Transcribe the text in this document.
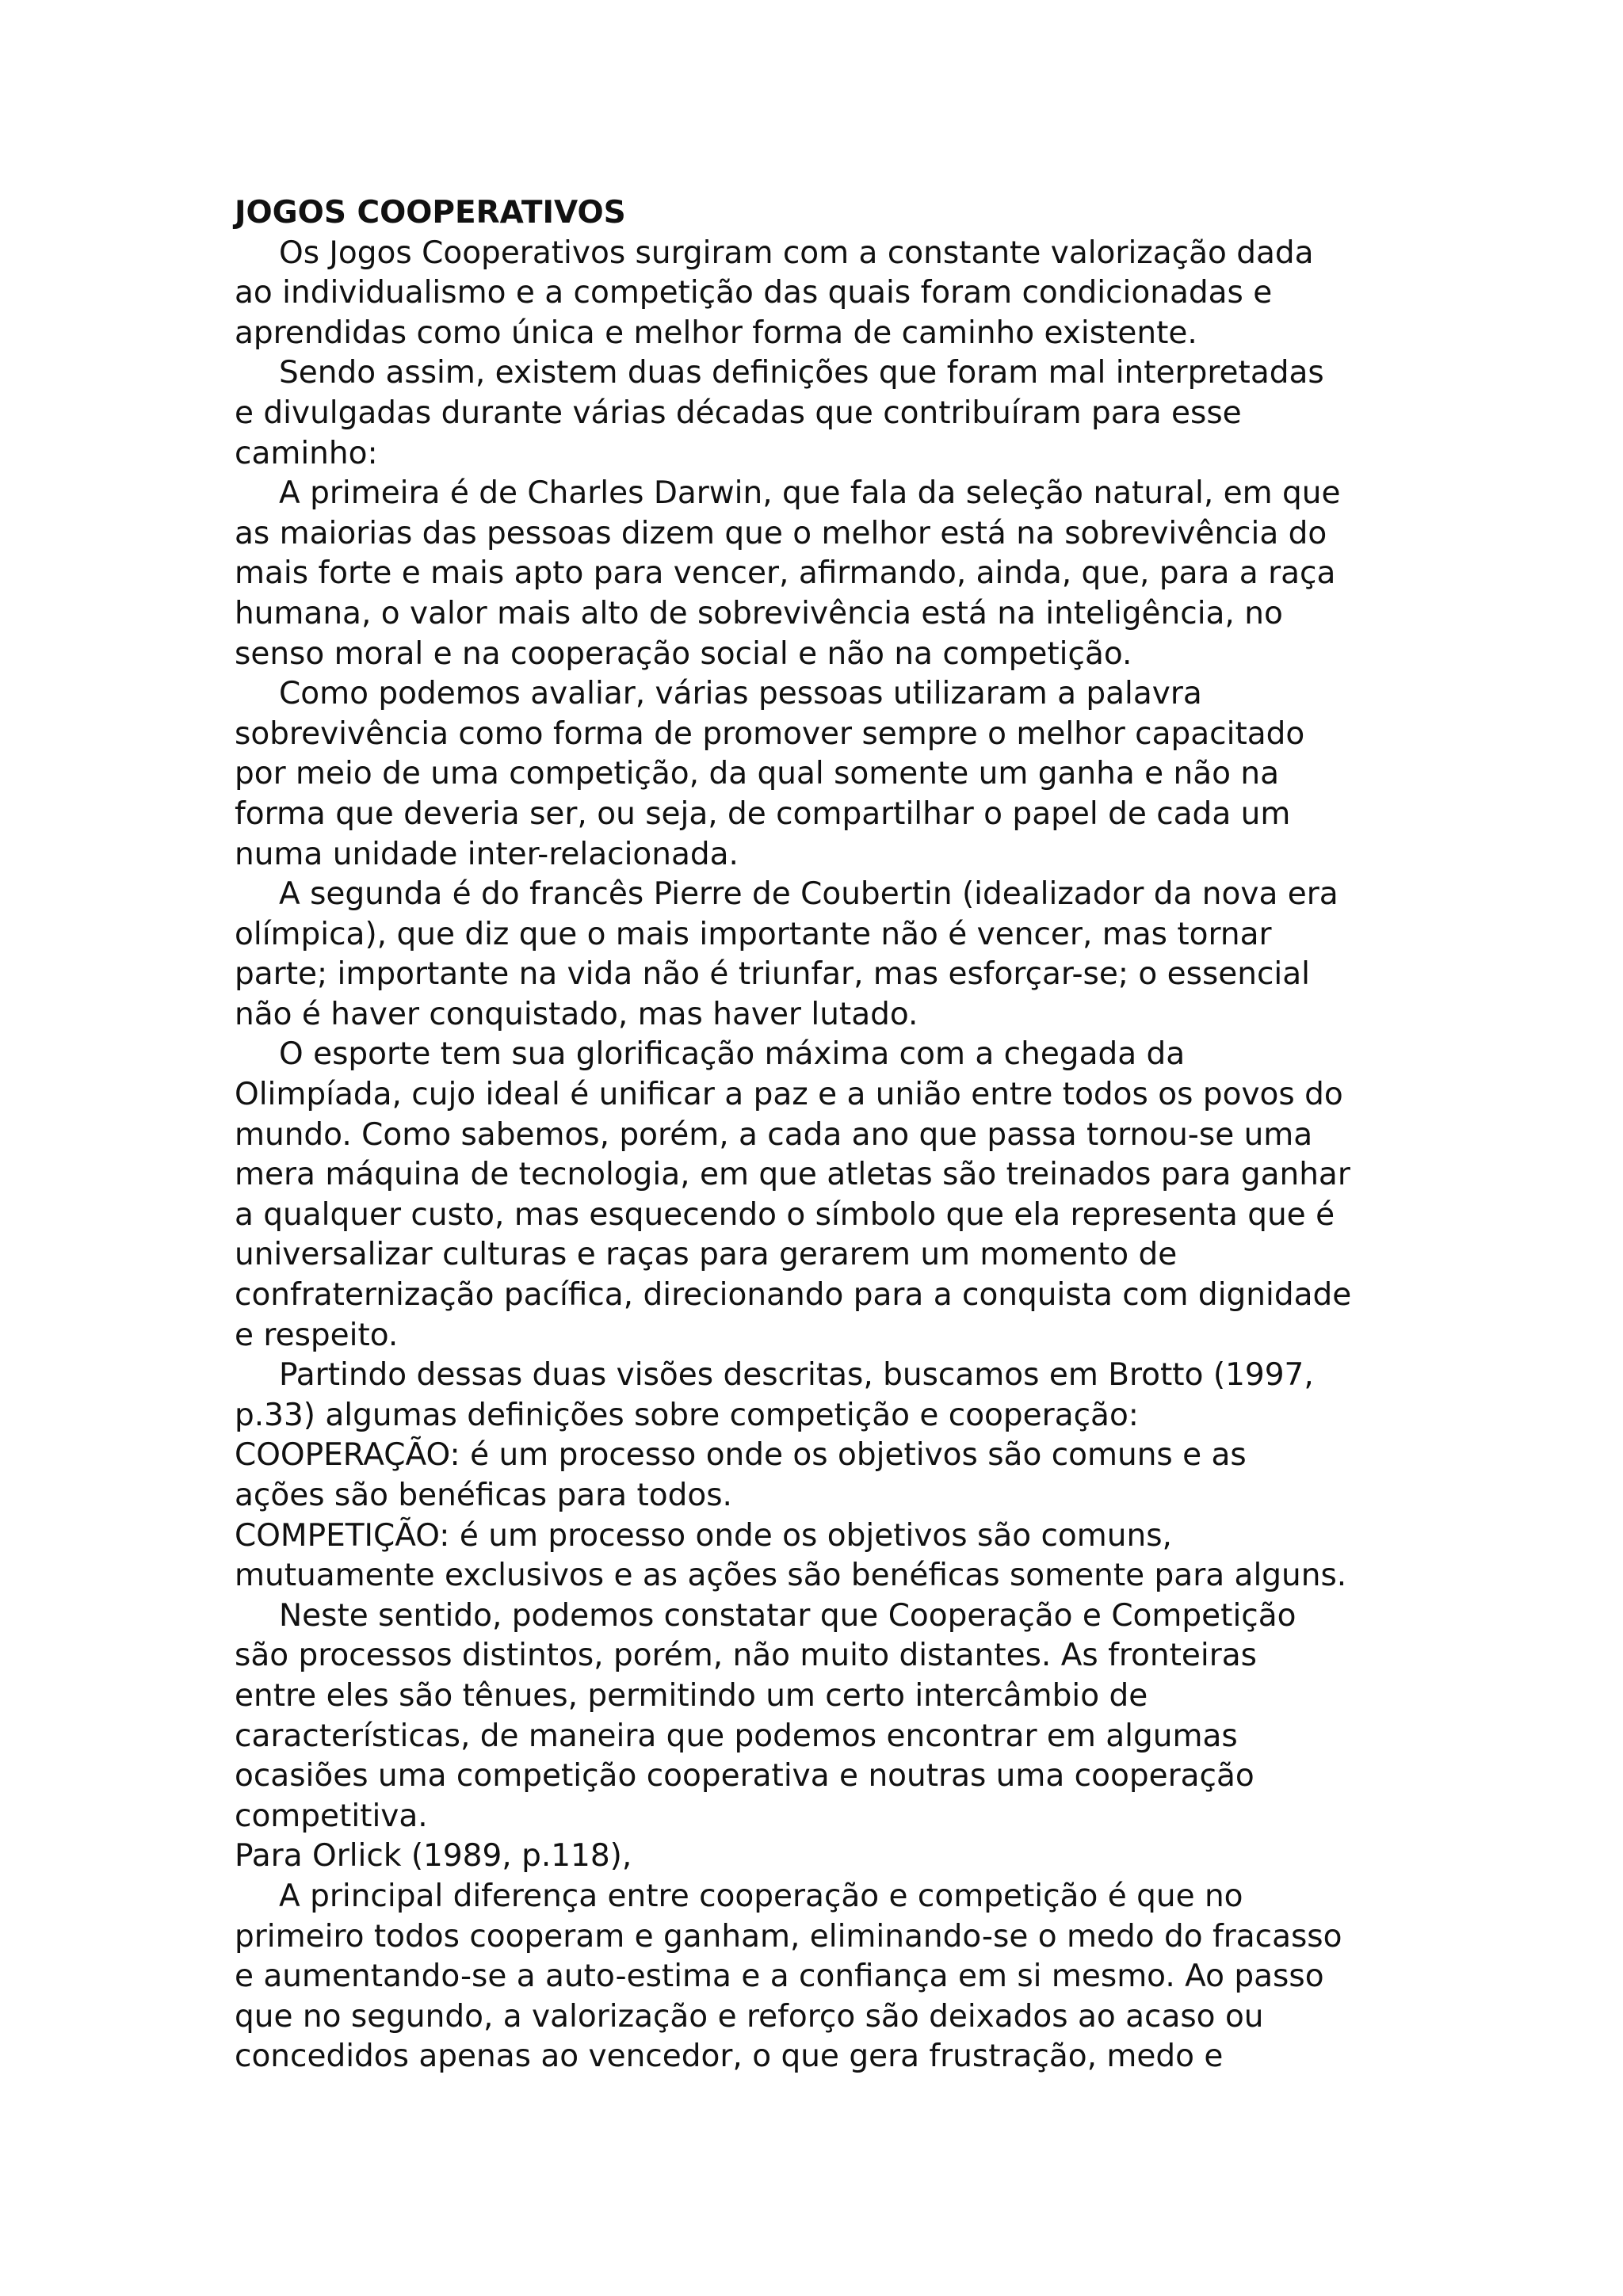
JOGOS COOPERATIVOS
Os Jogos Cooperativos surgiram com a constante valorização dada
ao individualismo e a competição das quais foram condicionadas e
aprendidas como única e melhor forma de caminho existente.
Sendo assim, existem duas definições que foram mal interpretadas
e divulgadas durante várias décadas que contribuíram para esse
caminho:
A primeira é de Charles Darwin, que fala da seleção natural, em que
as maiorias das pessoas dizem que o melhor está na sobrevivência do
mais forte e mais apto para vencer, afirmando, ainda, que, para a raça
humana, o valor mais alto de sobrevivência está na inteligência, no
senso moral e na cooperação social e não na competição.
Como podemos avaliar, várias pessoas utilizaram a palavra
sobrevivência como forma de promover sempre o melhor capacitado
por meio de uma competição, da qual somente um ganha e não na
forma que deveria ser, ou seja, de compartilhar o papel de cada um
numa unidade inter-relacionada.
A segunda é do francês Pierre de Coubertin (idealizador da nova era
olímpica), que diz que o mais importante não é vencer, mas tornar
parte; importante na vida não é triunfar, mas esforçar-se; o essencial
não é haver conquistado, mas haver lutado.
O esporte tem sua glorificação máxima com a chegada da
Olimpíada, cujo ideal é unificar a paz e a união entre todos os povos do
mundo. Como sabemos, porém, a cada ano que passa tornou-se uma
mera máquina de tecnologia, em que atletas são treinados para ganhar
a qualquer custo, mas esquecendo o símbolo que ela representa que é
universalizar culturas e raças para gerarem um momento de
confraternização pacífica, direcionando para a conquista com dignidade
e respeito.
Partindo dessas duas visões descritas, buscamos em Brotto (1997,
p.33) algumas definições sobre competição e cooperação:
COOPERAÇÃO: é um processo onde os objetivos são comuns e as
ações são benéficas para todos.
COMPETIÇÃO: é um processo onde os objetivos são comuns,
mutuamente exclusivos e as ações são benéficas somente para alguns.
Neste sentido, podemos constatar que Cooperação e Competição
são processos distintos, porém, não muito distantes. As fronteiras
entre eles são tênues, permitindo um certo intercâmbio de
características, de maneira que podemos encontrar em algumas
ocasiões uma competição cooperativa e noutras uma cooperação
competitiva.
Para Orlick (1989, p.118),
A principal diferença entre cooperação e competição é que no
primeiro todos cooperam e ganham, eliminando-se o medo do fracasso
e aumentando-se a auto-estima e a confiança em si mesmo. Ao passo
que no segundo, a valorização e reforço são deixados ao acaso ou
concedidos apenas ao vencedor, o que gera frustração, medo e
